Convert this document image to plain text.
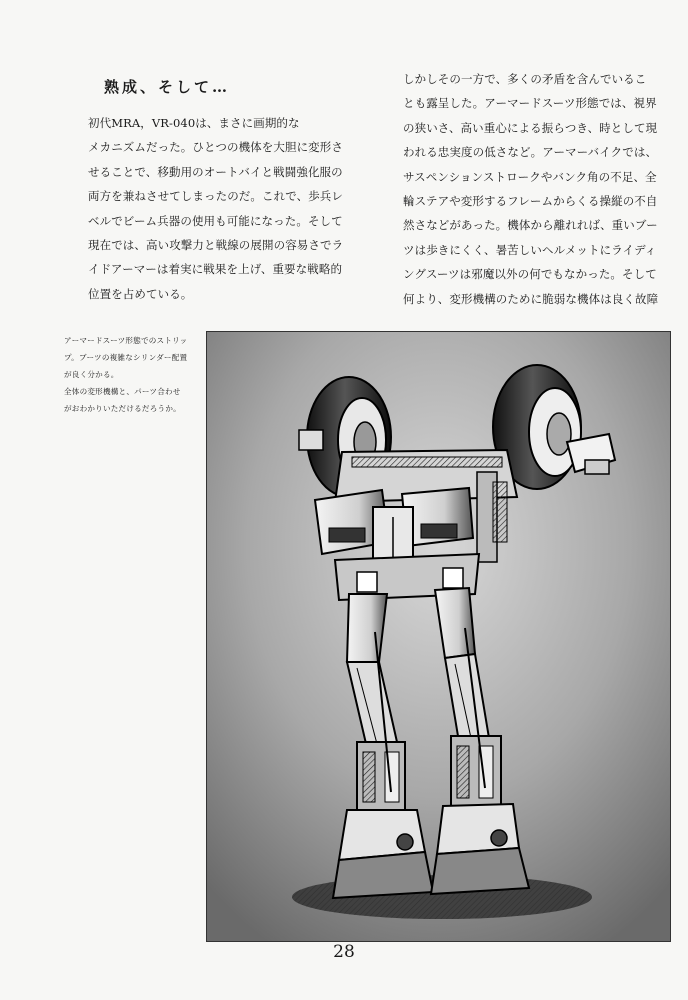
熟成、そして…
初代MRA，VR-040は、まさに画期的な
メカニズムだった。ひとつの機体を大胆に変形さ
せることで、移動用のオートバイと戦闘強化服の
両方を兼ねさせてしまったのだ。これで、歩兵レ
ベルでビーム兵器の使用も可能になった。そして
現在では、高い攻撃力と戦線の展開の容易さでラ
イドアーマーは着実に戦果を上げ、重要な戦略的
位置を占めている。
しかしその一方で、多くの矛盾を含んでいるこ
とも露呈した。アーマードスーツ形態では、視界
の狭いさ、高い重心による振らつき、時として現
われる忠実度の低さなど。アーマーバイクでは、
サスペンションストロークやバンク角の不足、全
輪ステアや変形するフレームからくる操縦の不自
然さなどがあった。機体から離れれば、重いブー
ツは歩きにくく、暑苦しいヘルメットにライディ
ングスーツは邪魔以外の何でもなかった。そして
何より、変形機構のために脆弱な機体は良く故障
アーマードスーツ形態でのストリッ
プ。ブーツの複雑なシリンダー配置
が良く分かる。
全体の変形機構と、パーツ合わせ
がおわかりいただけるだろうか。
28
